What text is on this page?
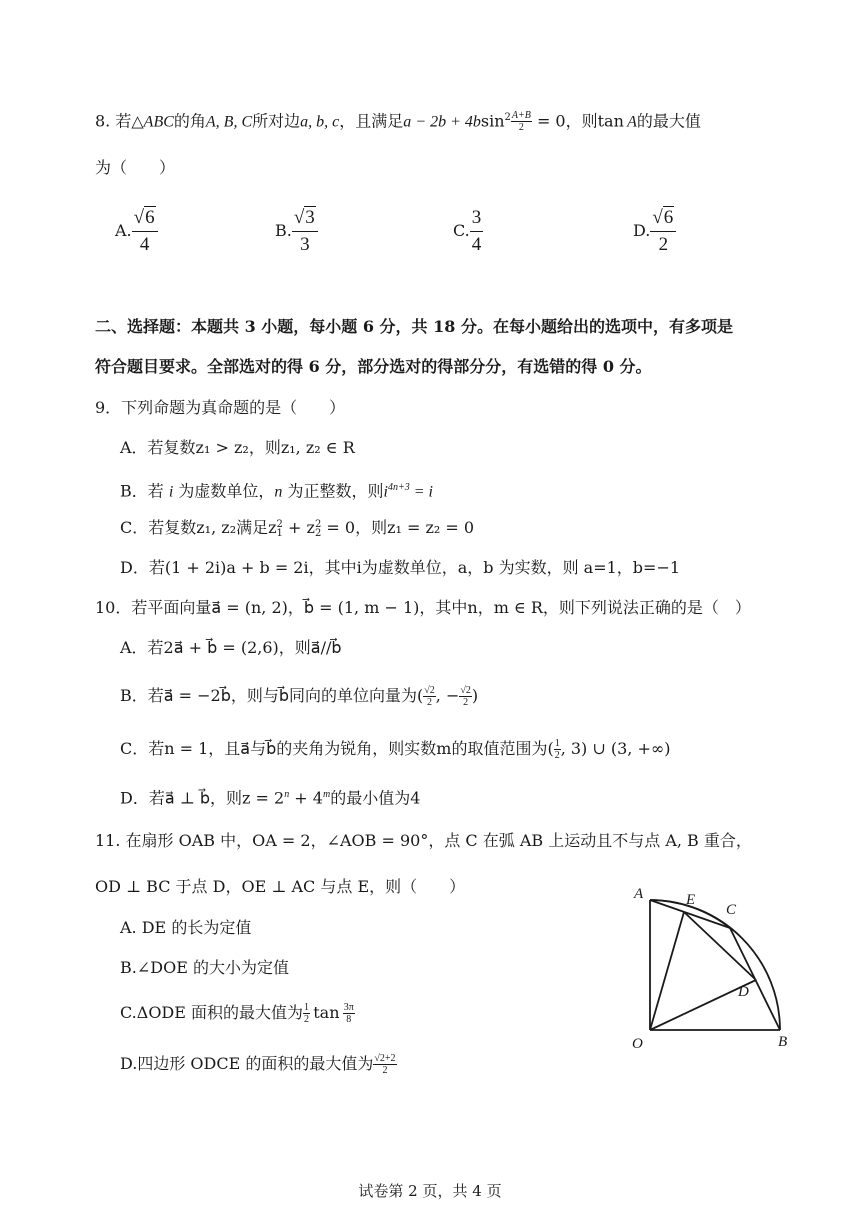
8. 若△ABC的角A, B, C所对边a, b, c，且满足$a - 2b + 4bsin^2 \frac{A+B}{2} = 0$，则tan  A的最大值
为（　　）
A. $\frac{√6}{4}$	B. $\frac{√3}{3}$	C. $\frac{3}{4}$	D. $\frac{√6}{2}$
二、选择题：本题共 3 小题，每小题 6 分，共 18 分。在每小题给出的选项中，有多项是
符合题目要求。全部选对的得 6 分，部分选对的得部分分，有选错的得 0 分。
9．下列命题为真命题的是（　　）
A．若复数z₁ > z₂，则z₁, z₂ ∈ R
B．若 i 为虚数单位，n 为正整数，则$i^{4n+3} = i$
C．若复数z₁, z₂满足z 2
1 + z 2
2 = 0，则z₁ = z₂ = 0
D．若(1 + 2i)a + b = 2i，其中i为虚数单位，a，b 为实数，则 a=1，b=−1
10．若平面向量a⃗ = (n, 2)，b⃗ = (1, m − 1)，其中n，m ∈ R，则下列说法正确的是（　）
A．若2a⃗ + b⃗ = (2,6)，则a⃗//b⃗
B．若a⃗ = −2b⃗，则与b⃗同向的单位向量为( $\frac{√2}{2}$ , − $\frac{√2}{2}$ )
C．若n = 1，且a⃗与b⃗的夹角为锐角，则实数m的取值范围为( $\frac{1}{2}$ , 3) ∪ (3, +∞)
D．若a⃗ ⊥ b⃗，则$z = 2^n + 4^m$的最小值为4
11. 在扇形 OAB 中，OA = 2，∠AOB = 90°，点 C 在弧 AB 上运动且不与点 A, B 重合，
OD ⊥ BC 于点 D，OE ⊥ AC 与点 E，则（　　）
A. DE 的长为定值
B.∠DOE 的大小为定值
C.ΔODE 面积的最大值为 $\frac{1}{2}$
  $\tan \frac{3\pi}{8}$
D.四边形 ODCE 的面积的最大值为 $\frac{√2+2}{2}$
A	E
C
D
O	B
试卷第 2 页，共 4 页
